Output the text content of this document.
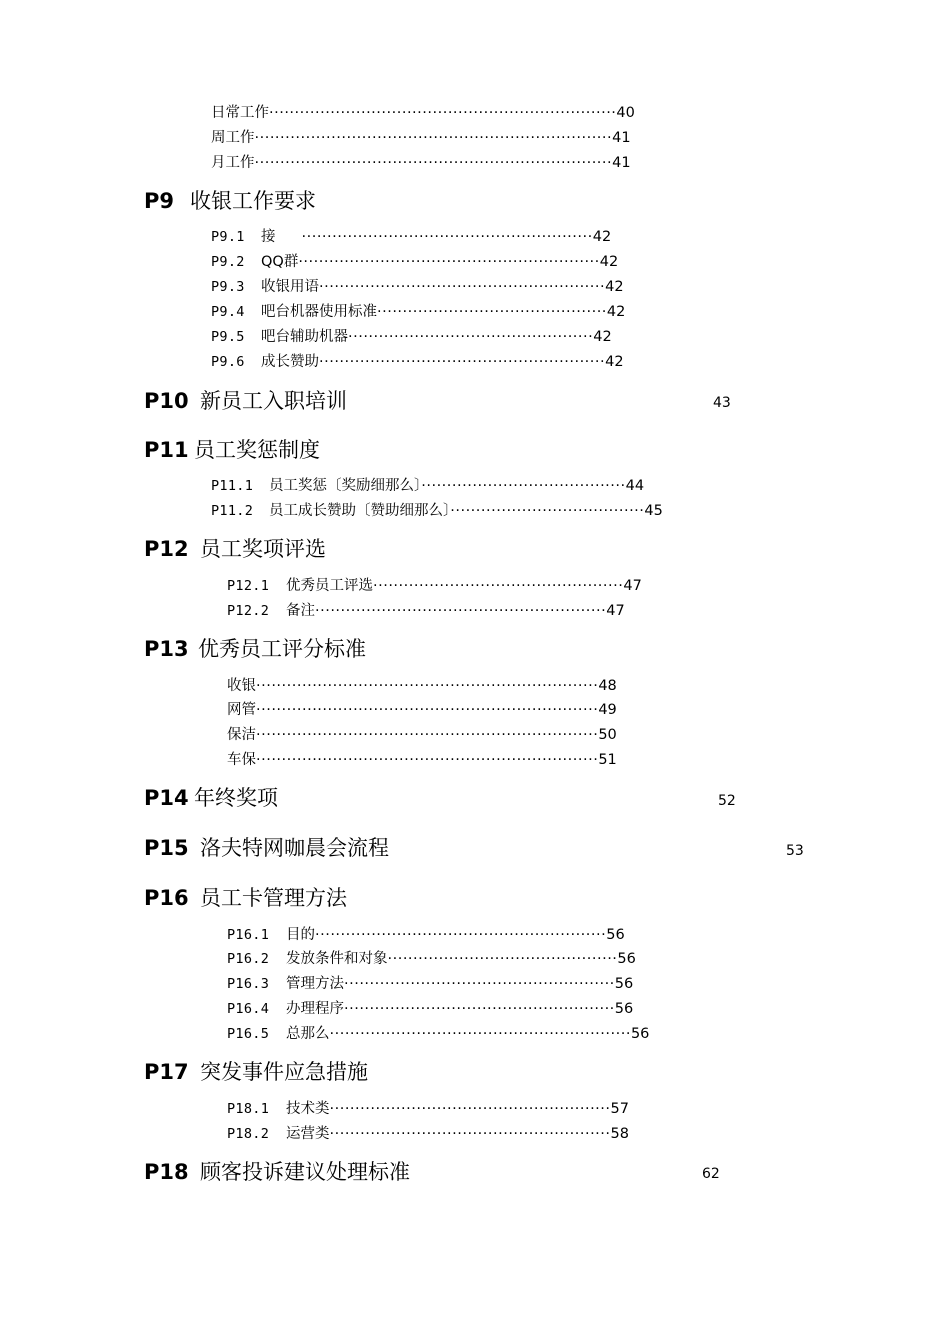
日常工作····································································40
周工作······································································41
月工作······································································41
P9 收银工作要求
P9.1 接 ·························································42
P9.2 QQ群···························································42
P9.3 收银用语························································42
P9.4 吧台机器使用标准·············································42
P9.5 吧台辅助机器················································42
P9.6 成长赞助························································42
P10 新员工入职培训	43
P11 员工奖惩制度
P11.1 员工奖惩〔奖励细那么〕········································44
P11.2 员工成长赞助〔赞助细那么〕······································45
P12 员工奖项评选
P12.1 优秀员工评选·················································47
P12.2 备注·························································47
P13 优秀员工评分标准
收银···································································48
网管···································································49
保洁···································································50
车保···································································51
P14 年终奖项	52
P15 洛夫特网咖晨会流程	53
P16 员工卡管理方法
P16.1 目的·························································56
P16.2 发放条件和对象·············································56
P16.3 管理方法·····················································56
P16.4 办理程序·····················································56
P16.5 总那么···························································56
P17 突发事件应急措施
P18.1 技术类·······················································57
P18.2 运营类·······················································58
P18 顾客投诉建议处理标准	62
